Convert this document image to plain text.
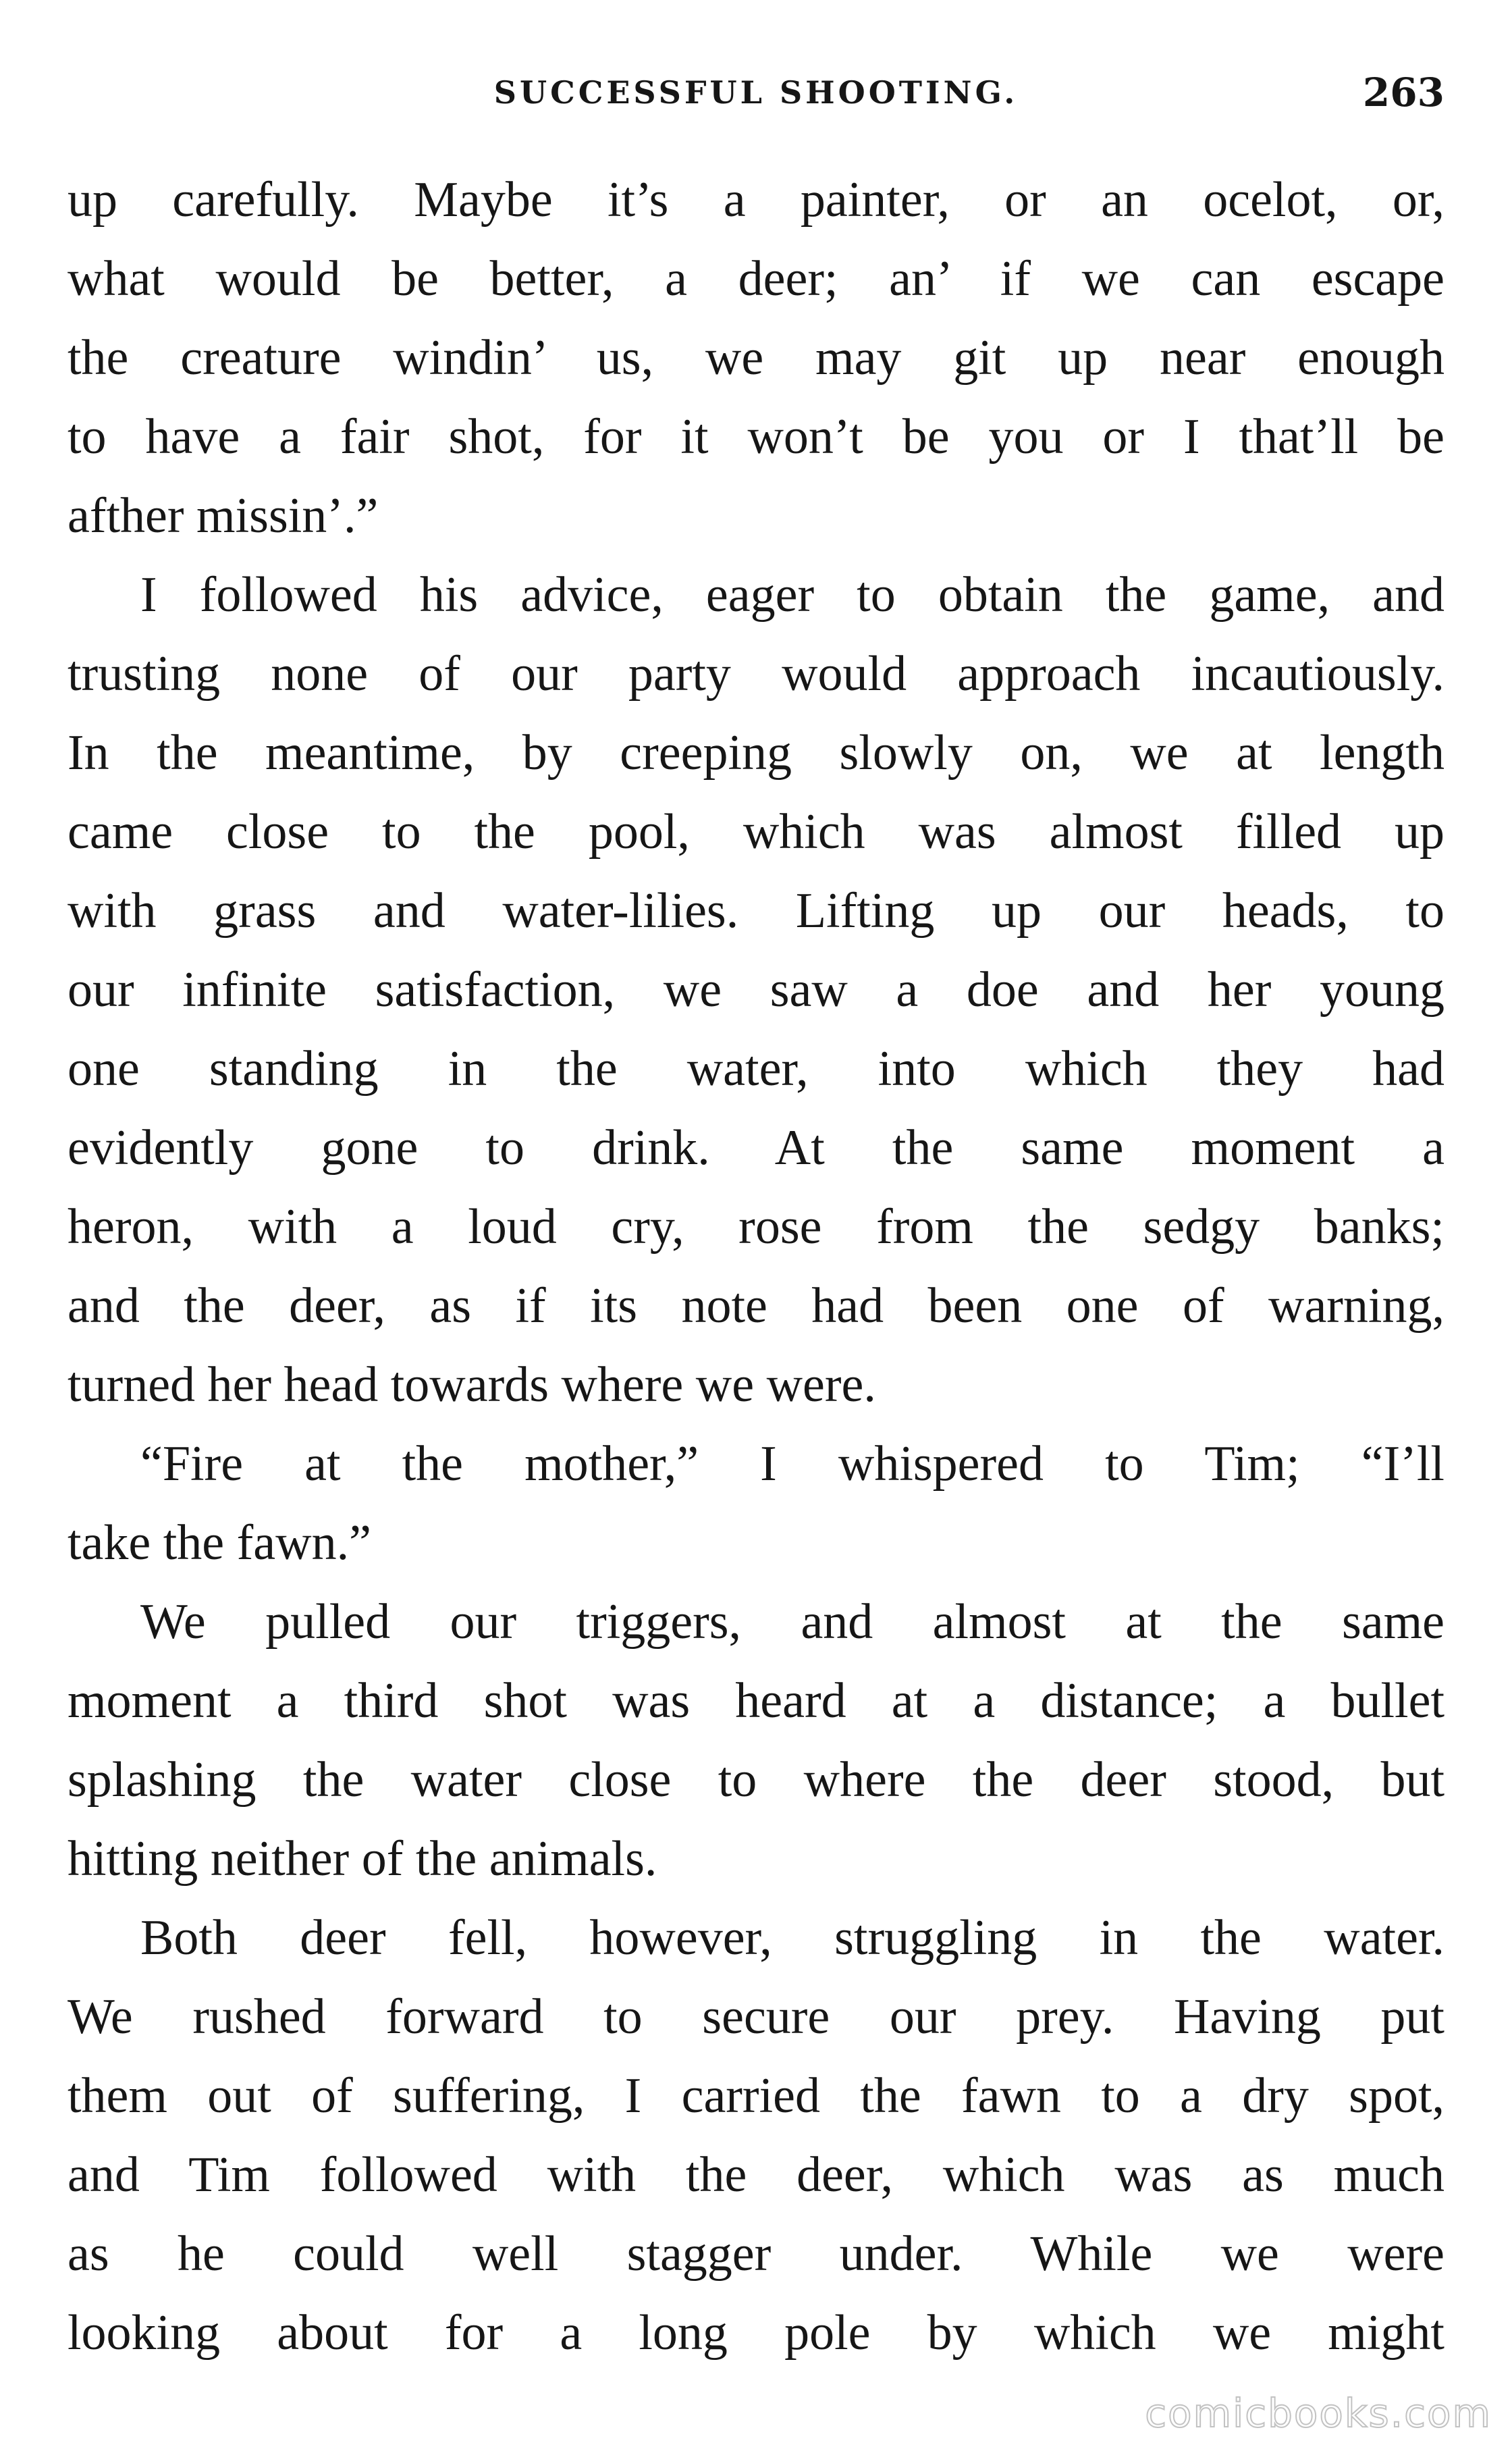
SUCCESSFUL SHOOTING.	263
up carefully. Maybe it’s a painter, or an ocelot, or,
what would be better, a deer; an’ if we can escape
the creature windin’ us, we may git up near enough
to have a fair shot, for it won’t be you or I that’ll be
afther missin’.”
I followed his advice, eager to obtain the game, and
trusting none of our party would approach incautiously.
In the meantime, by creeping slowly on, we at length
came close to the pool, which was almost filled up
with grass and water-lilies. Lifting up our heads, to
our infinite satisfaction, we saw a doe and her young
one standing in the water, into which they had
evidently gone to drink. At the same moment a
heron, with a loud cry, rose from the sedgy banks;
and the deer, as if its note had been one of warning,
turned her head towards where we were.
“Fire at the mother,” I whispered to Tim; “I’ll
take the fawn.”
We pulled our triggers, and almost at the same
moment a third shot was heard at a distance; a bullet
splashing the water close to where the deer stood, but
hitting neither of the animals.
Both deer fell, however, struggling in the water.
We rushed forward to secure our prey. Having put
them out of suffering, I carried the fawn to a dry spot,
and Tim followed with the deer, which was as much
as he could well stagger under. While we were
looking about for a long pole by which we might
comicbooks.com
